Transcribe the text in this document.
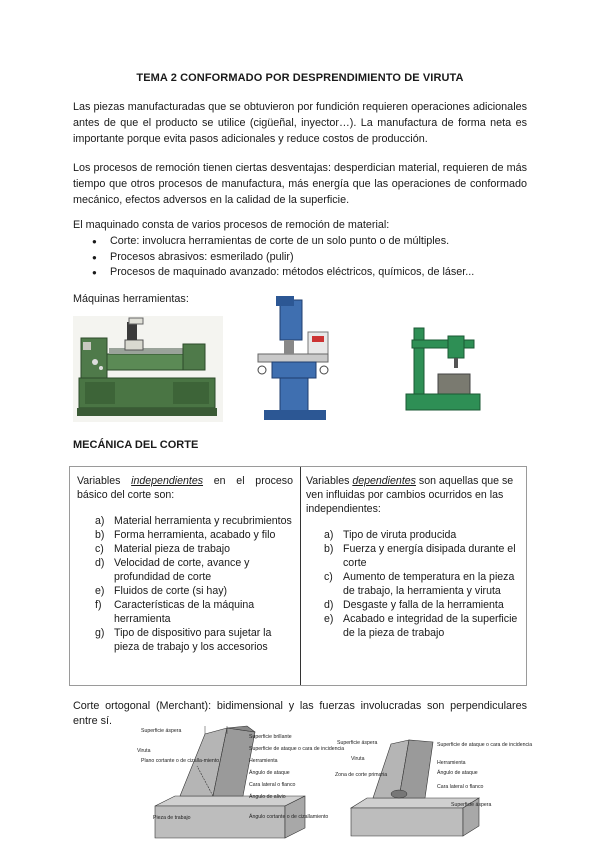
TEMA 2 CONFORMADO POR DESPRENDIMIENTO DE VIRUTA

Las piezas manufacturadas que se obtuvieron por fundición requieren operaciones adicionales antes de que el producto se utilice (cigüeñal, inyector…). La manufactura de forma neta es importante porque evita pasos adicionales y reduce costos de producción.

Los procesos de remoción tienen ciertas desventajas: desperdician material, requieren de más tiempo que otros procesos de manufactura, más energía que las operaciones de conformado mecánico, efectos adversos en la calidad de la superficie.

El maquinado consta de varios procesos de remoción de material:
● Corte: involucra herramientas de corte de un solo punto o de múltiples.
● Procesos abrasivos: esmerilado (pulir)
● Procesos de maquinado avanzado: métodos eléctricos, químicos, de láser...
Máquinas herramientas:
MECÁNICA DEL CORTE

Variables independientes en el proceso básico del corte son:

a) Material herramienta y recubrimientos
b) Forma herramienta, acabado y filo
c) Material pieza de trabajo
d) Velocidad de corte, avance y profundidad de corte
e) Fluidos de corte (si hay)
f) Características de la máquina herramienta
g) Tipo de dispositivo para sujetar la pieza de trabajo y los accesorios

Variables dependientes son aquellas que se ven influidas por cambios ocurridos en las independientes:

a) Tipo de viruta producida
b) Fuerza y energía disipada durante el corte
c) Aumento de temperatura en la pieza de trabajo, la herramienta y viruta
d) Desgaste y falla de la herramienta
e) Acabado e integridad de la superficie de la pieza de trabajo

Corte ortogonal (Merchant): bidimensional y las fuerzas involucradas son perpendiculares entre sí.

Superficie áspera
Viruta
Plano cortante o de cizalla-miento
Pieza de trabajo
Superficie brillante
Superficie de ataque o cara de incidencia
Herramienta
Ángulo de ataque
Cara lateral o flanco
Ángulo de alivio
Ángulo cortante o de cizallamiento
Superficie áspera
Viruta
Zona de corte primaria
Superficie de ataque o cara de incidencia
Herramienta
Ángulo de ataque
Cara lateral o flanco
Superficie áspera
